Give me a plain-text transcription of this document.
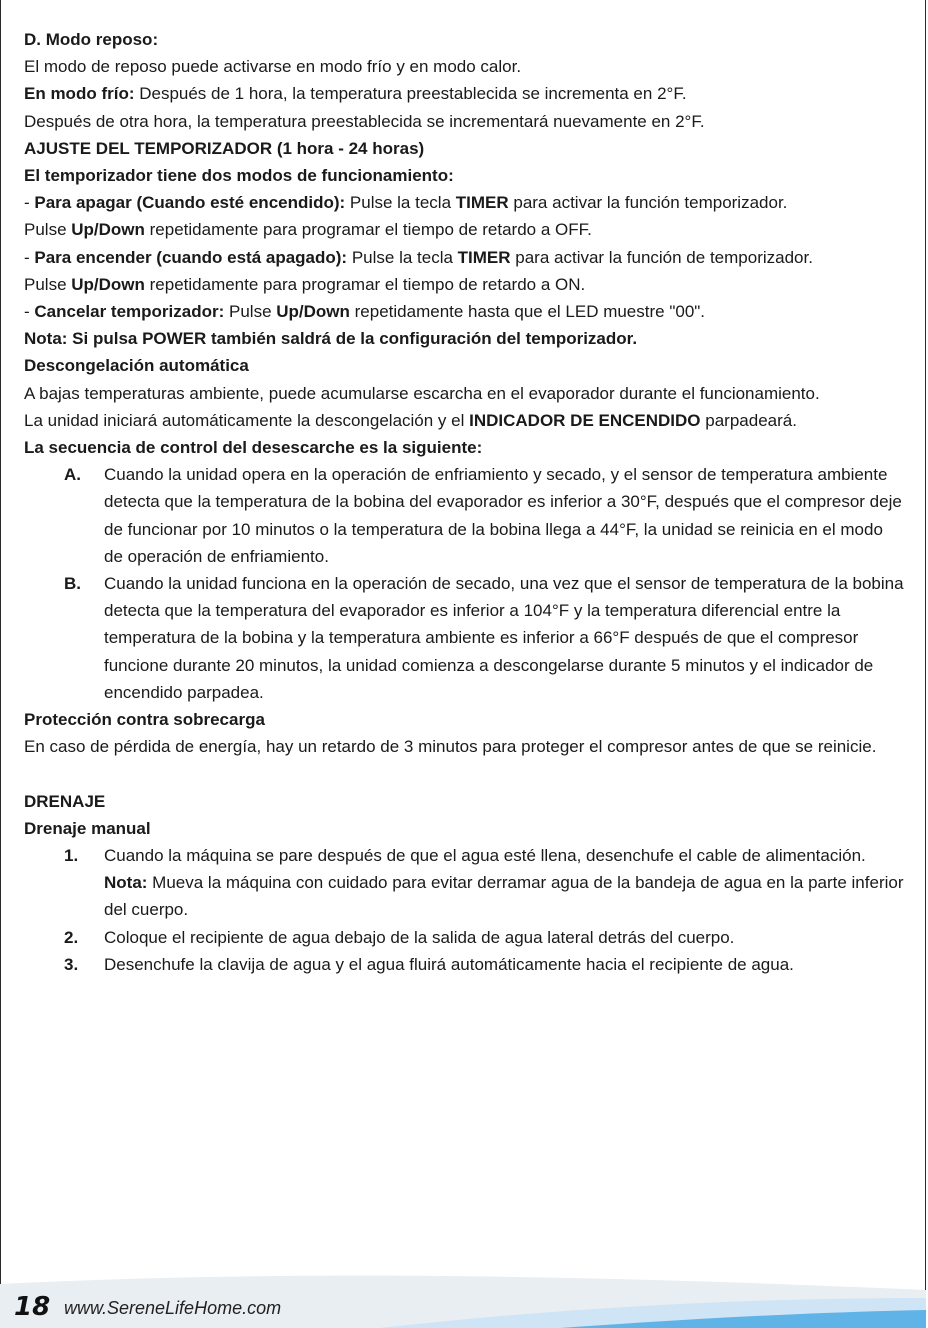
D. Modo reposo:

El modo de reposo puede activarse en modo frío y en modo calor.

En modo frío: Después de 1 hora, la temperatura preestablecida se incrementa en 2°F.

Después de otra hora, la temperatura preestablecida se incrementará nuevamente en 2°F.

AJUSTE DEL TEMPORIZADOR (1 hora - 24 horas)

El temporizador tiene dos modos de funcionamiento:

- Para apagar (Cuando esté encendido): Pulse la tecla TIMER para activar la función temporizador.

Pulse Up/Down repetidamente para programar el tiempo de retardo a OFF.

- Para encender (cuando está apagado): Pulse la tecla TIMER para activar la función de temporizador.

Pulse Up/Down repetidamente para programar el tiempo de retardo a ON.

- Cancelar temporizador: Pulse Up/Down repetidamente hasta que el LED muestre "00".

Nota: Si pulsa POWER también saldrá de la configuración del temporizador.

Descongelación automática

A bajas temperaturas ambiente, puede acumularse escarcha en el evaporador durante el funcionamiento.

La unidad iniciará automáticamente la descongelación y el INDICADOR DE ENCENDIDO parpadeará.

La secuencia de control del desescarche es la siguiente:

A.	Cuando la unidad opera en la operación de enfriamiento y secado, y el sensor de temperatura ambiente detecta que la temperatura de la bobina del evaporador es inferior a 30°F, después que el compresor deje de funcionar por 10 minutos o la temperatura de la bobina llega a 44°F, la unidad se reinicia en el modo de operación de enfriamiento.
B.	Cuando la unidad funciona en la operación de secado, una vez que el sensor de temperatura de la bobina detecta que la temperatura del evaporador es inferior a 104°F y la temperatura diferencial entre la temperatura de la bobina y la temperatura ambiente es inferior a 66°F después de que el compresor funcione durante 20 minutos, la unidad comienza a descongelarse durante 5 minutos y el indicador de encendido parpadea.

Protección contra sobrecarga

En caso de pérdida de energía, hay un retardo de 3 minutos para proteger el compresor antes de que se reinicie.

DRENAJE

Drenaje manual

1.	Cuando la máquina se pare después de que el agua esté llena, desenchufe el cable de alimentación.
Nota: Mueva la máquina con cuidado para evitar derramar agua de la bandeja de agua en la parte inferior del cuerpo.
2.	Coloque el recipiente de agua debajo de la salida de agua lateral detrás del cuerpo.
3.	Desenchufe la clavija de agua y el agua fluirá automáticamente hacia el recipiente de agua.
18 www.SereneLifeHome.com
